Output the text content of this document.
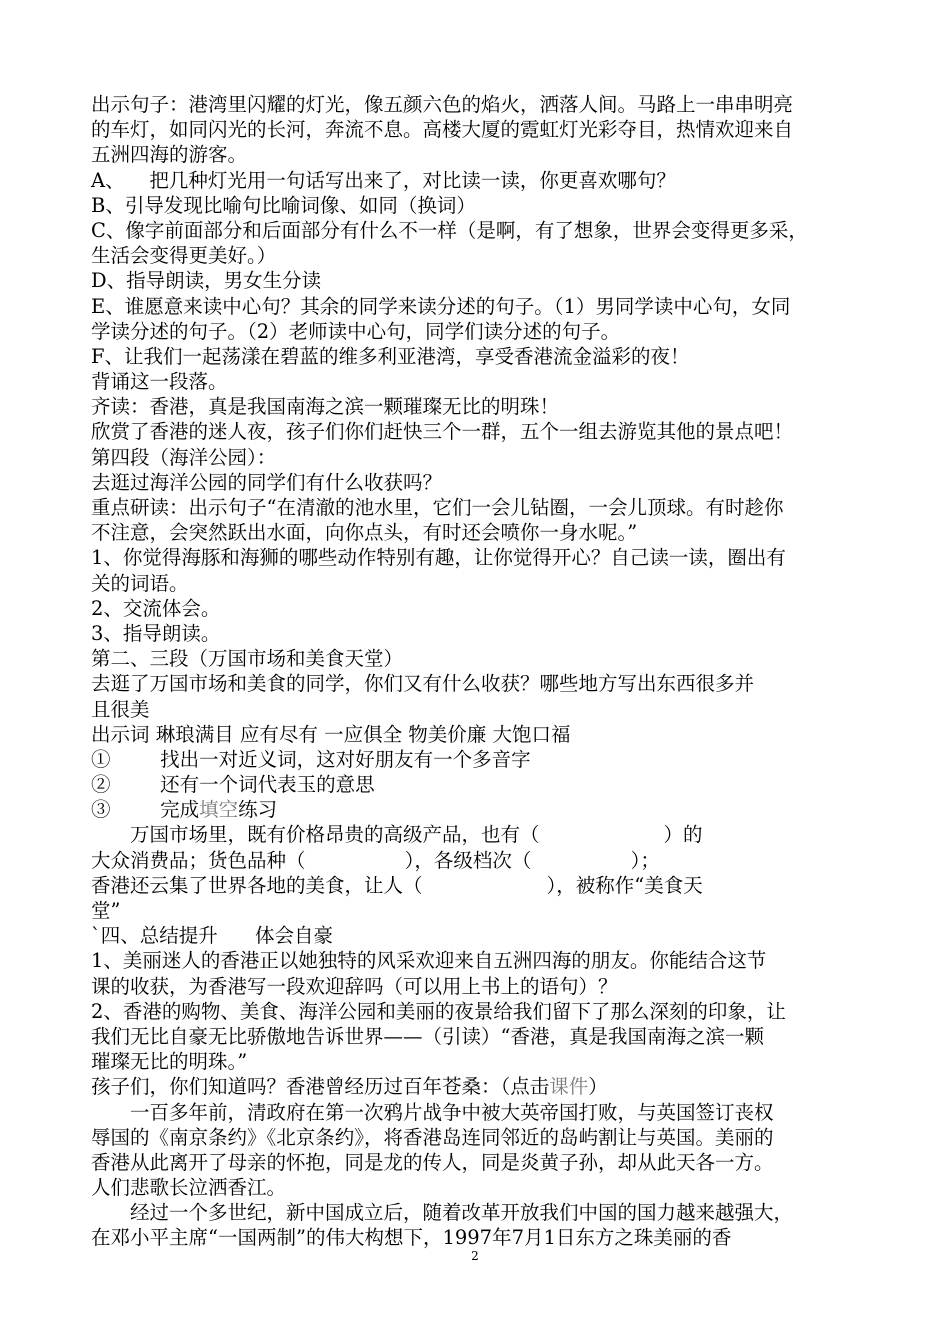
出示句子：港湾里闪耀的灯光，像五颜六色的焰火，洒落人间。马路上一串串明亮
的车灯，如同闪光的长河，奔流不息。高楼大厦的霓虹灯光彩夺目，热情欢迎来自
五洲四海的游客。
A、    把几种灯光用一句话写出来了，对比读一读，你更喜欢哪句？
B、引导发现比喻句比喻词像、如同（换词）
C、像字前面部分和后面部分有什么不一样（是啊，有了想象，世界会变得更多采，
生活会变得更美好。）
D、指导朗读，男女生分读
E、谁愿意来读中心句？其余的同学来读分述的句子。（1）男同学读中心句，女同
学读分述的句子。（2）老师读中心句，同学们读分述的句子。
F、让我们一起荡漾在碧蓝的维多利亚港湾，享受香港流金溢彩的夜！
背诵这一段落。
齐读：香港，真是我国南海之滨一颗璀璨无比的明珠！
欣赏了香港的迷人夜，孩子们你们赶快三个一群，五个一组去游览其他的景点吧！
第四段（海洋公园）：
去逛过海洋公园的同学们有什么收获吗？
重点研读：出示句子“在清澈的池水里，它们一会儿钻圈，一会儿顶球。有时趁你
不注意，会突然跃出水面，向你点头，有时还会喷你一身水呢。”
1、你觉得海豚和海狮的哪些动作特别有趣，让你觉得开心？自己读一读，圈出有
关的词语。
2、交流体会。
3、指导朗读。
第二、三段（万国市场和美食天堂）
去逛了万国市场和美食的同学，你们又有什么收获？哪些地方写出东西很多并
且很美
出示词 琳琅满目 应有尽有 一应俱全 物美价廉 大饱口福
①        找出一对近义词，这对好朋友有一个多音字
②        还有一个词代表玉的意思
③        完成填空练习
万国市场里，既有价格昂贵的高级产品，也有（                    ）的
大众消费品；货色品种（                ），各级档次（                ）；
香港还云集了世界各地的美食，让人（                    ），被称作“美食天
堂”
`四、总结提升      体会自豪
1、美丽迷人的香港正以她独特的风采欢迎来自五洲四海的朋友。你能结合这节
课的收获，为香港写一段欢迎辞吗（可以用上书上的语句）？
2、香港的购物、美食、海洋公园和美丽的夜景给我们留下了那么深刻的印象，让
我们无比自豪无比骄傲地告诉世界——（引读）“香港，真是我国南海之滨一颗
璀璨无比的明珠。”
孩子们，你们知道吗？香港曾经历过百年苍桑：（点击课件）
一百多年前，清政府在第一次鸦片战争中被大英帝国打败，与英国签订丧权
辱国的《南京条约》《北京条约》，将香港岛连同邻近的岛屿割让与英国。美丽的
香港从此离开了母亲的怀抱，同是龙的传人，同是炎黄子孙，却从此天各一方。
人们悲歌长泣洒香江。
经过一个多世纪，新中国成立后，随着改革开放我们中国的国力越来越强大，
在邓小平主席“一国两制”的伟大构想下，1997年7月1日东方之珠美丽的香
2
